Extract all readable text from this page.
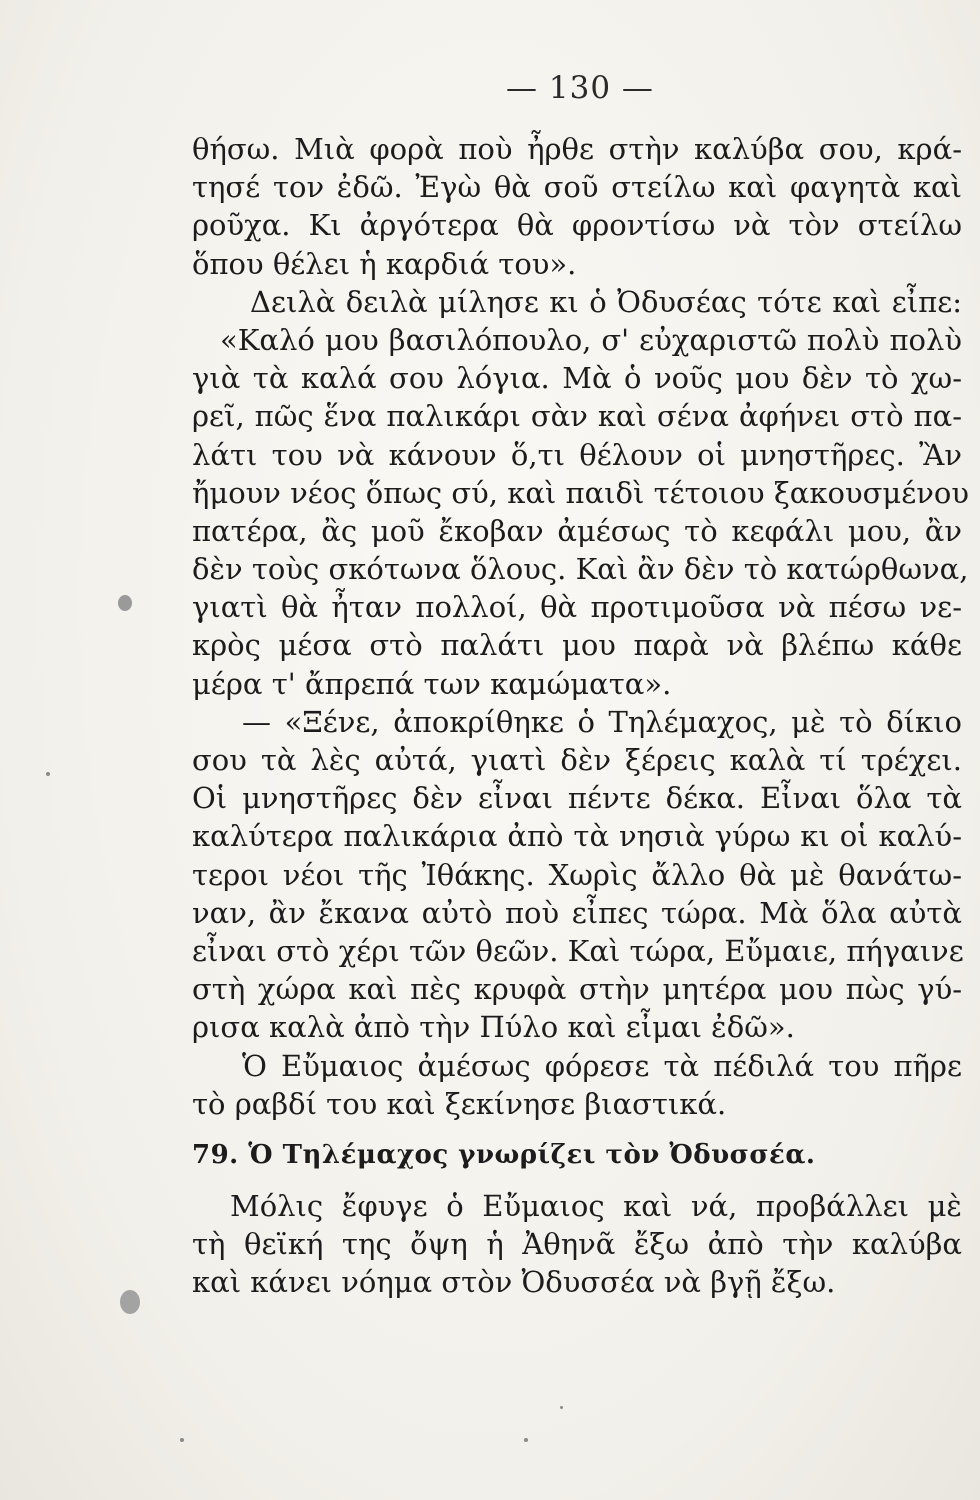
— 130 —
θήσω. Μιὰ φορὰ ποὺ ἦρθε στὴν καλύβα σου, κρά-
τησέ τον ἐδῶ. Ἐγὼ θὰ σοῦ στείλω καὶ φαγητὰ καὶ
ροῦχα. Κι ἀργότερα θὰ φροντίσω νὰ τὸν στείλω
ὅπου θέλει ἡ καρδιά του».
Δειλὰ δειλὰ μίλησε κι ὁ Ὀδυσέας τότε καὶ εἶπε:
«Καλό μου βασιλόπουλο, σ' εὐχαριστῶ πολὺ πολὺ
γιὰ τὰ καλά σου λόγια. Μὰ ὁ νοῦς μου δὲν τὸ χω-
ρεῖ, πῶς ἕνα παλικάρι σὰν καὶ σένα ἀφήνει στὸ πα-
λάτι του νὰ κάνουν ὅ,τι θέλουν οἱ μνηστῆρες. Ἂν
ἤμουν νέος ὅπως σύ, καὶ παιδὶ τέτοιου ξακουσμένου
πατέρα, ἂς μοῦ ἔκοβαν ἀμέσως τὸ κεφάλι μου, ἂν
δὲν τοὺς σκότωνα ὅλους. Καὶ ἂν δὲν τὸ κατώρθωνα,
γιατὶ θὰ ἦταν πολλοί, θὰ προτιμοῦσα νὰ πέσω νε-
κρὸς μέσα στὸ παλάτι μου παρὰ νὰ βλέπω κάθε
μέρα τ' ἄπρεπά των καμώματα».
— «Ξένε, ἀποκρίθηκε ὁ Τηλέμαχος, μὲ τὸ δίκιο
σου τὰ λὲς αὐτά, γιατὶ δὲν ξέρεις καλὰ τί τρέχει.
Οἱ μνηστῆρες δὲν εἶναι πέντε δέκα. Εἶναι ὅλα τὰ
καλύτερα παλικάρια ἀπὸ τὰ νησιὰ γύρω κι οἱ καλύ-
τεροι νέοι τῆς Ἰθάκης. Χωρὶς ἄλλο θὰ μὲ θανάτω-
ναν, ἂν ἔκανα αὐτὸ ποὺ εἶπες τώρα. Μὰ ὅλα αὐτὰ
εἶναι στὸ χέρι τῶν θεῶν. Καὶ τώρα, Εὔμαιε, πήγαινε
στὴ χώρα καὶ πὲς κρυφὰ στὴν μητέρα μου πὼς γύ-
ρισα καλὰ ἀπὸ τὴν Πύλο καὶ εἶμαι ἐδῶ».
Ὁ Εὔμαιος ἀμέσως φόρεσε τὰ πέδιλά του πῆρε
τὸ ραβδί του καὶ ξεκίνησε βιαστικά.
79. Ὁ Τηλέμαχος γνωρίζει τὸν Ὀδυσσέα.
Μόλις ἔφυγε ὁ Εὔμαιος καὶ νά, προβάλλει μὲ
τὴ θεϊκή της ὄψη ἡ Ἀθηνᾶ ἔξω ἀπὸ τὴν καλύβα
καὶ κάνει νόημα στὸν Ὀδυσσέα νὰ βγῇ ἔξω.
